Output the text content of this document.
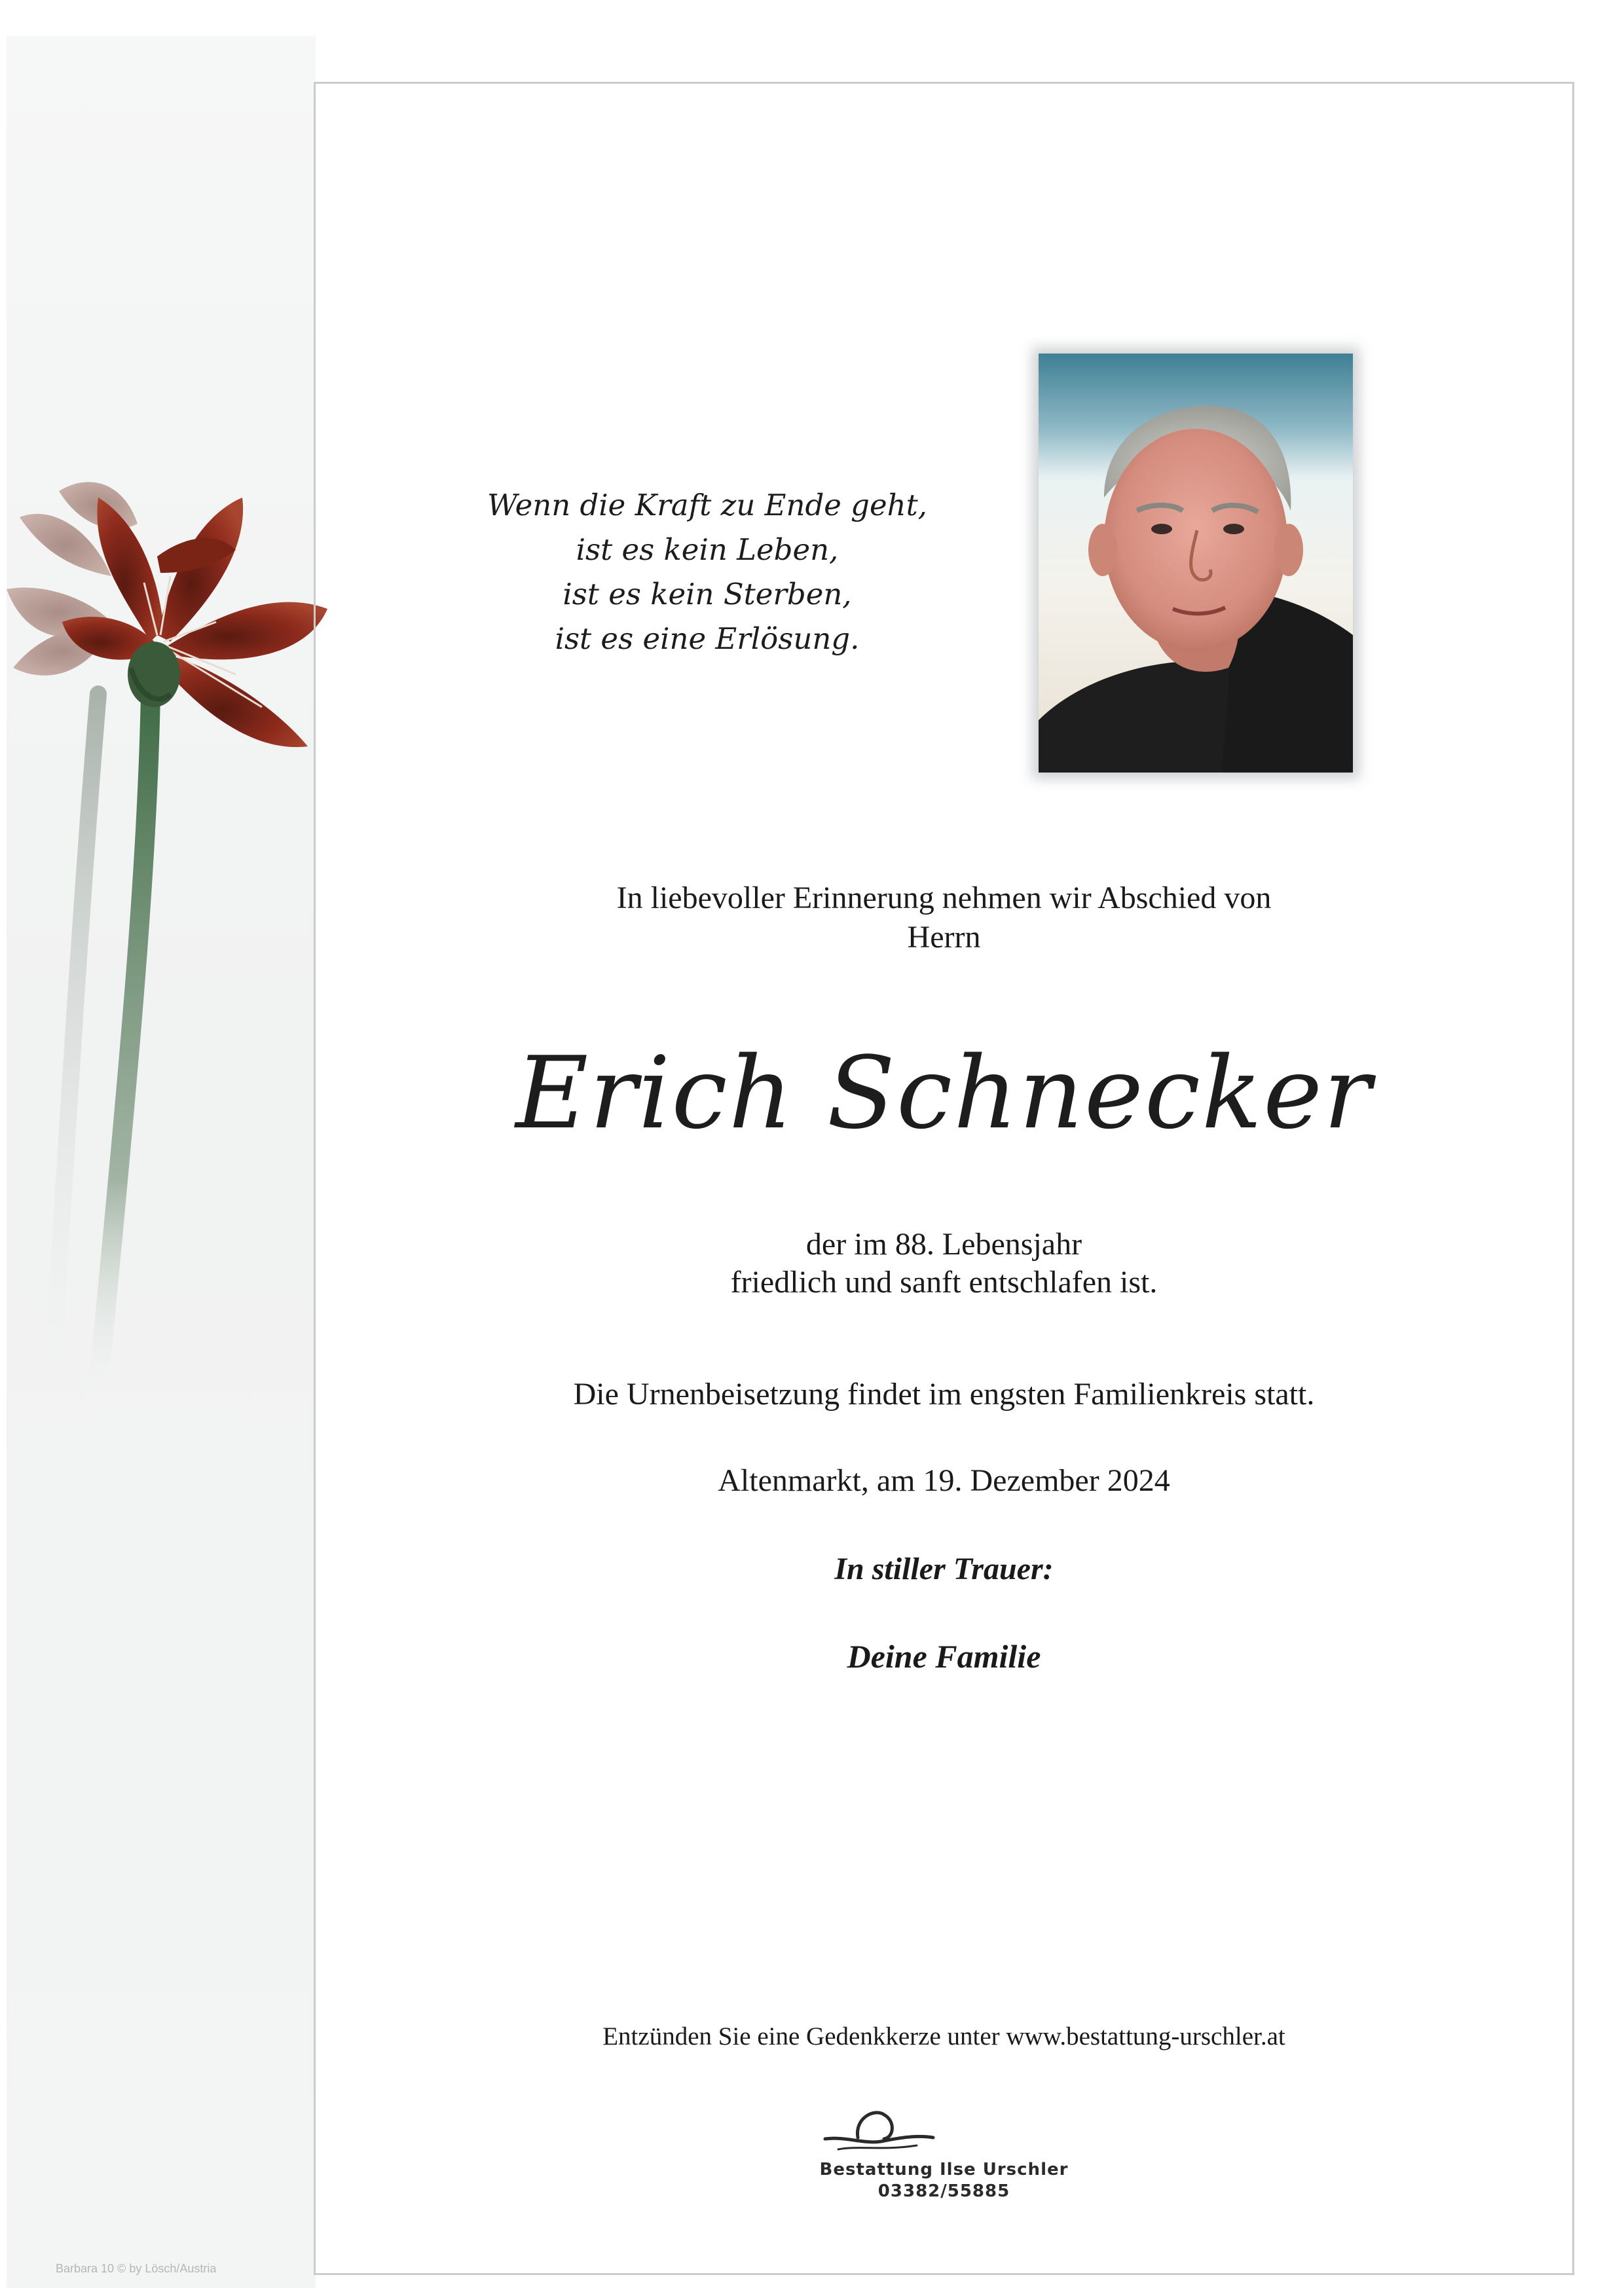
Barbara 10 © by Lösch/Austria
Wenn die Kraft zu Ende geht,
ist es kein Leben,
ist es kein Sterben,
ist es eine Erlösung.
In liebevoller Erinnerung nehmen wir Abschied von
Herrn
Erich Schnecker
der im 88. Lebensjahr
friedlich und sanft entschlafen ist.
Die Urnenbeisetzung findet im engsten Familienkreis statt.
Altenmarkt, am 19. Dezember 2024
In stiller Trauer:
Deine Familie
Entzünden Sie eine Gedenkkerze unter www.bestattung-urschler.at
Bestattung Ilse Urschler
03382/55885
